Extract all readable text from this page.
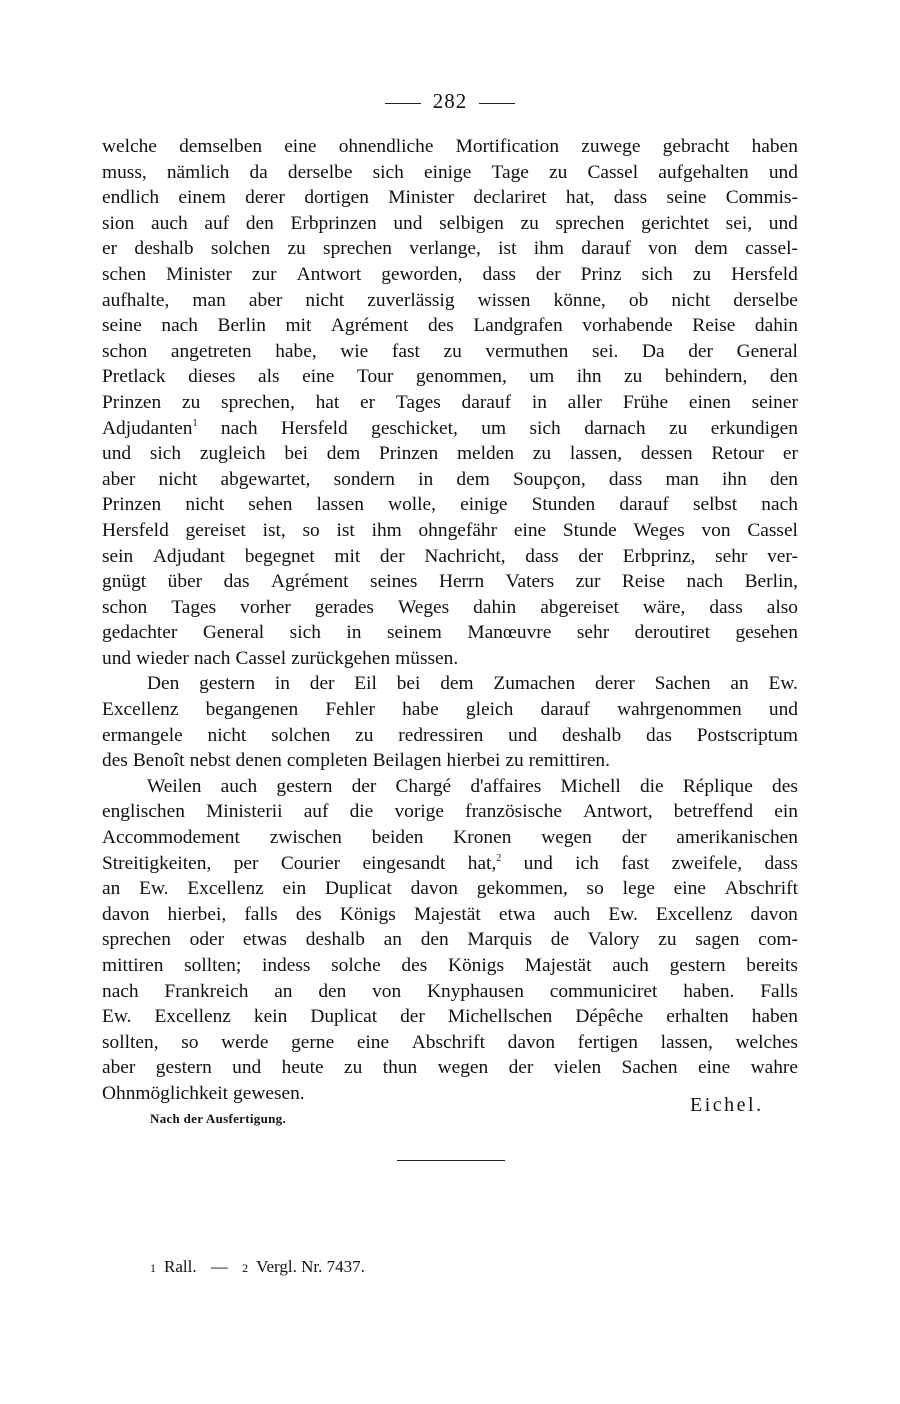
282
welche demselben eine ohnendliche Mortification zuwege gebracht haben
muss, nämlich da derselbe sich einige Tage zu Cassel aufgehalten und
endlich einem derer dortigen Minister declariret hat, dass seine Commis-
sion auch auf den Erbprinzen und selbigen zu sprechen gerichtet sei, und
er deshalb solchen zu sprechen verlange, ist ihm darauf von dem cassel-
schen Minister zur Antwort geworden, dass der Prinz sich zu Hersfeld
aufhalte, man aber nicht zuverlässig wissen könne, ob nicht derselbe
seine nach Berlin mit Agrément des Landgrafen vorhabende Reise dahin
schon angetreten habe, wie fast zu vermuthen sei. Da der General
Pretlack dieses als eine Tour genommen, um ihn zu behindern, den
Prinzen zu sprechen, hat er Tages darauf in aller Frühe einen seiner
Adjudanten$^1$ nach Hersfeld geschicket, um sich darnach zu erkundigen
und sich zugleich bei dem Prinzen melden zu lassen, dessen Retour er
aber nicht abgewartet, sondern in dem Soupçon, dass man ihn den
Prinzen nicht sehen lassen wolle, einige Stunden darauf selbst nach
Hersfeld gereiset ist, so ist ihm ohngefähr eine Stunde Weges von Cassel
sein Adjudant begegnet mit der Nachricht, dass der Erbprinz, sehr ver-
gnügt über das Agrément seines Herrn Vaters zur Reise nach Berlin,
schon Tages vorher gerades Weges dahin abgereiset wäre, dass also
gedachter General sich in seinem Manœuvre sehr deroutiret gesehen
und wieder nach Cassel zurückgehen müssen.
Den gestern in der Eil bei dem Zumachen derer Sachen an Ew.
Excellenz begangenen Fehler habe gleich darauf wahrgenommen und
ermangele nicht solchen zu redressiren und deshalb das Postscriptum
des Benoît nebst denen completen Beilagen hierbei zu remittiren.
Weilen auch gestern der Chargé d'affaires Michell die Réplique des
englischen Ministerii auf die vorige französische Antwort, betreffend ein
Accommodement zwischen beiden Kronen wegen der amerikanischen
Streitigkeiten, per Courier eingesandt hat,$^2$ und ich fast zweifele, dass
an Ew. Excellenz ein Duplicat davon gekommen, so lege eine Abschrift
davon hierbei, falls des Königs Majestät etwa auch Ew. Excellenz davon
sprechen oder etwas deshalb an den Marquis de Valory zu sagen com-
mittiren sollten; indess solche des Königs Majestät auch gestern bereits
nach Frankreich an den von Knyphausen communiciret haben. Falls
Ew. Excellenz kein Duplicat der Michellschen Dépêche erhalten haben
sollten, so werde gerne eine Abschrift davon fertigen lassen, welches
aber gestern und heute zu thun wegen der vielen Sachen eine wahre
Ohnmöglichkeit gewesen.
Eichel.
Nach der Ausfertigung.
1 Rall. — 2 Vergl. Nr. 7437.
